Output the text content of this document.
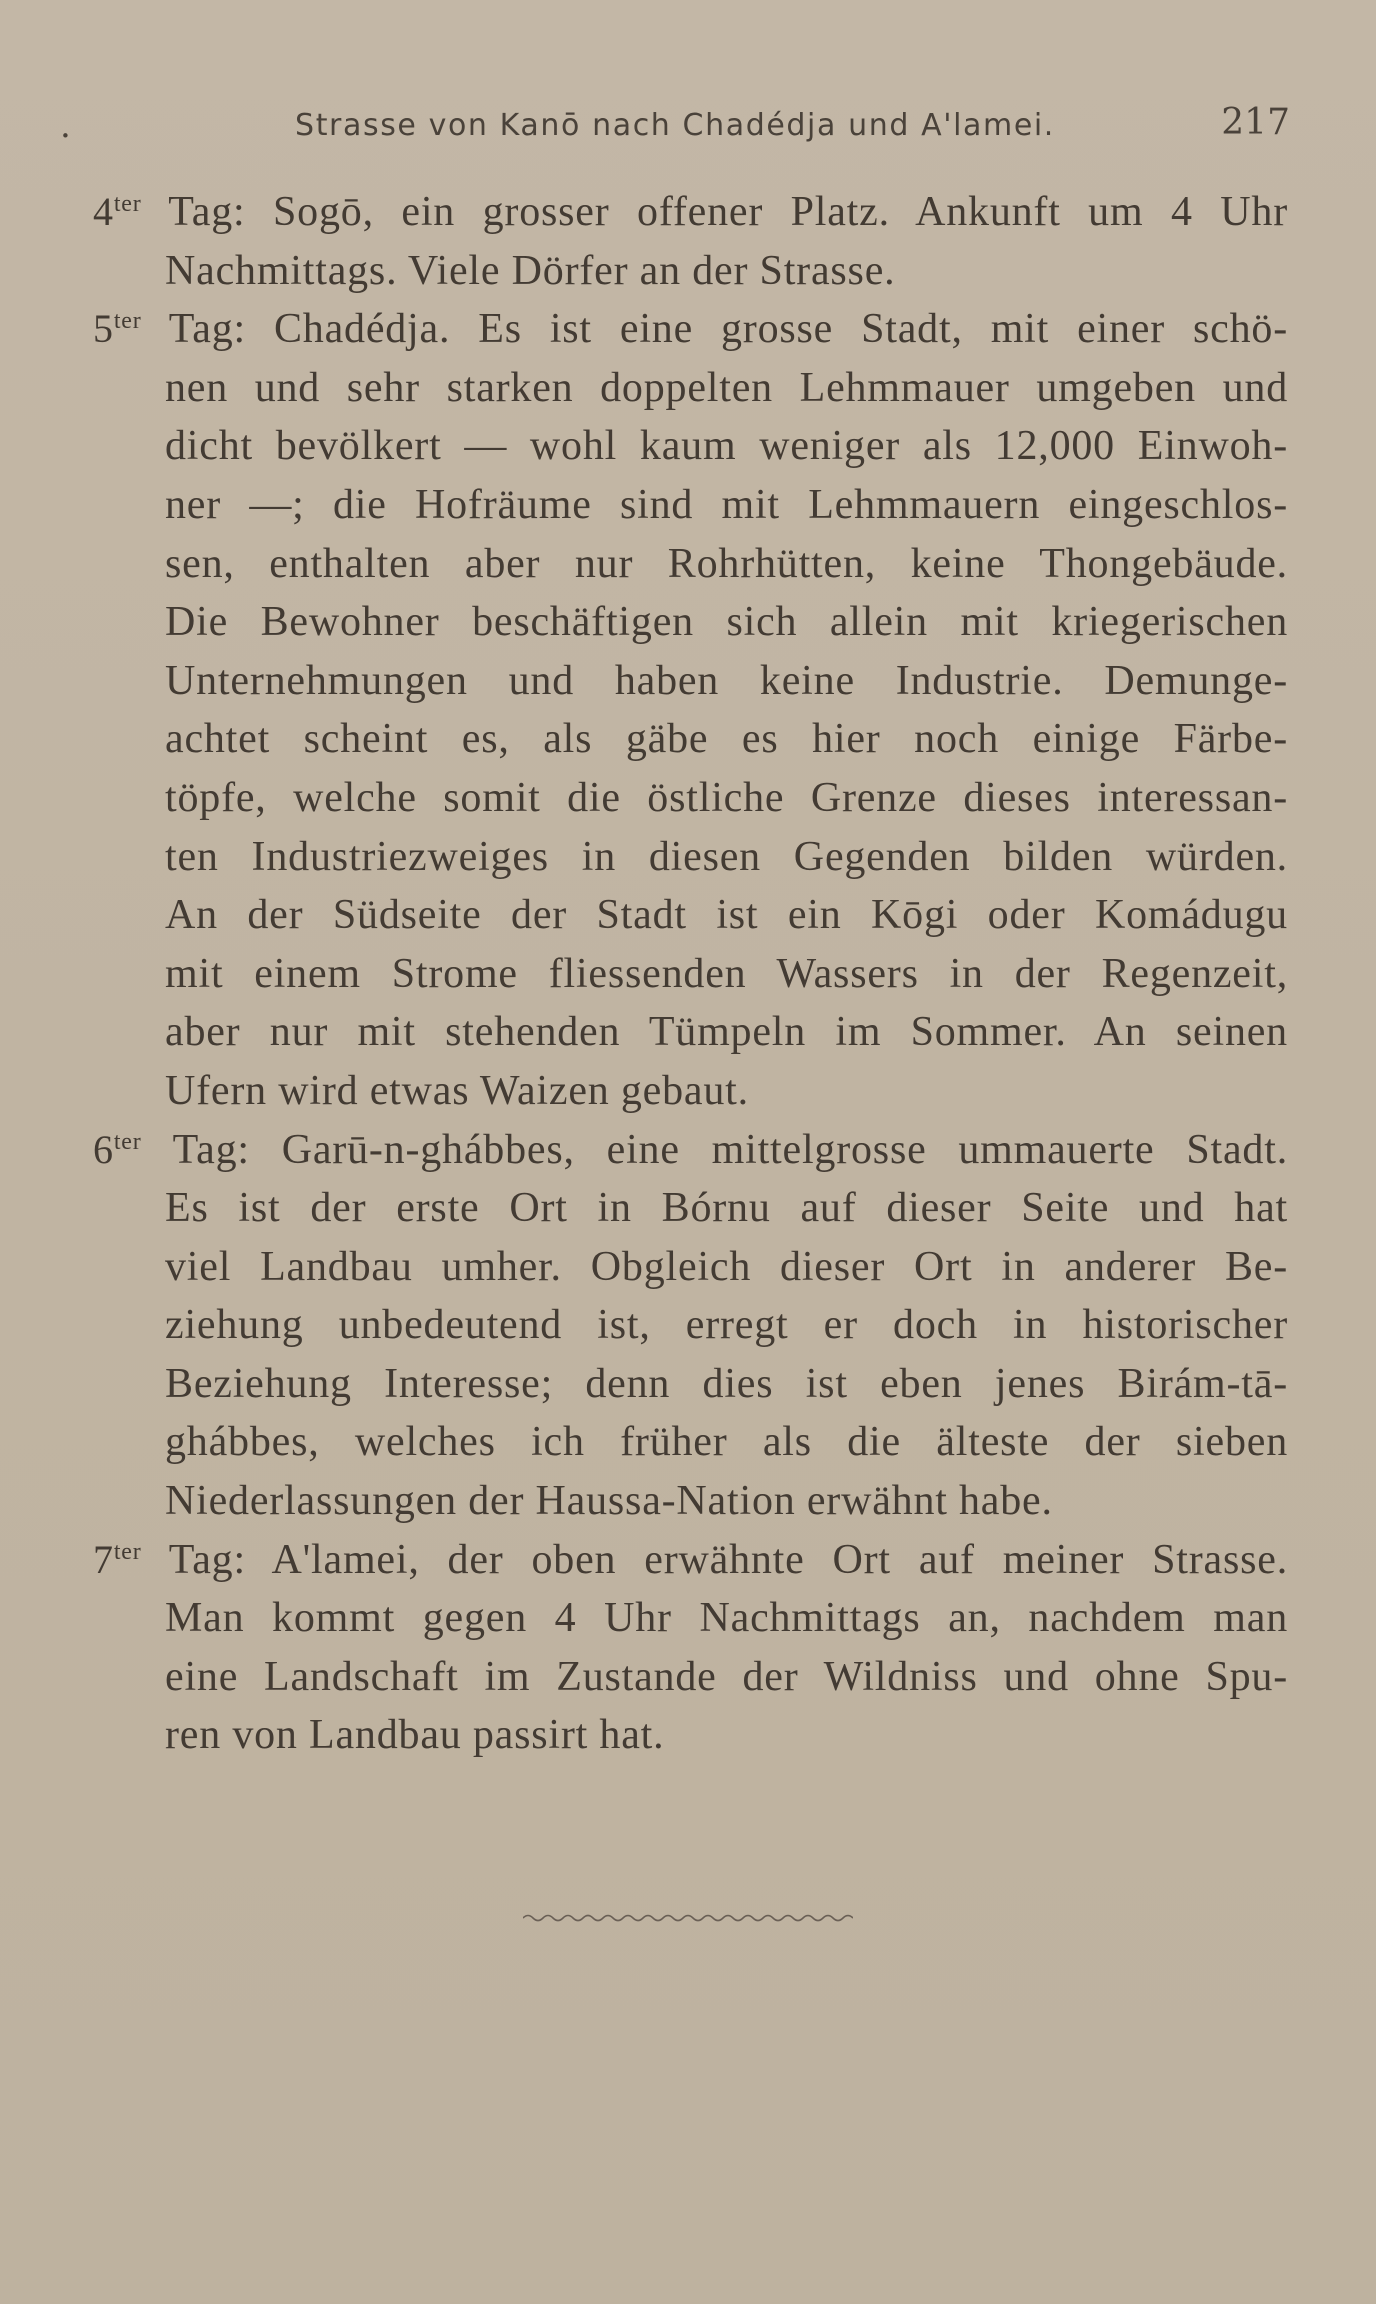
.	Strasse von Kanō nach Chadédja und A'lamei.	217
$4^{ter}$ Tag: Sogō, ein grosser offener Platz. Ankunft um 4 Uhr
Nachmittags. Viele Dörfer an der Strasse.
$5^{ter}$ Tag: Chadédja. Es ist eine grosse Stadt, mit einer schö-
nen und sehr starken doppelten Lehmmauer umgeben und
dicht bevölkert — wohl kaum weniger als 12,000 Einwoh-
ner —; die Hofräume sind mit Lehmmauern eingeschlos-
sen, enthalten aber nur Rohrhütten, keine Thongebäude.
Die Bewohner beschäftigen sich allein mit kriegerischen
Unternehmungen und haben keine Industrie. Demunge-
achtet scheint es, als gäbe es hier noch einige Färbe-
töpfe, welche somit die östliche Grenze dieses interessan-
ten Industriezweiges in diesen Gegenden bilden würden.
An der Südseite der Stadt ist ein Kōgi oder Komádugu
mit einem Strome fliessenden Wassers in der Regenzeit,
aber nur mit stehenden Tümpeln im Sommer. An seinen
Ufern wird etwas Waizen gebaut.
$6^{ter}$ Tag: Garū-n-ghábbes, eine mittelgrosse ummauerte Stadt.
Es ist der erste Ort in Bórnu auf dieser Seite und hat
viel Landbau umher. Obgleich dieser Ort in anderer Be-
ziehung unbedeutend ist, erregt er doch in historischer
Beziehung Interesse; denn dies ist eben jenes Birám-tā-
ghábbes, welches ich früher als die älteste der sieben
Niederlassungen der Haussa-Nation erwähnt habe.
$7^{ter}$ Tag: A'lamei, der oben erwähnte Ort auf meiner Strasse.
Man kommt gegen 4 Uhr Nachmittags an, nachdem man
eine Landschaft im Zustande der Wildniss und ohne Spu-
ren von Landbau passirt hat.
